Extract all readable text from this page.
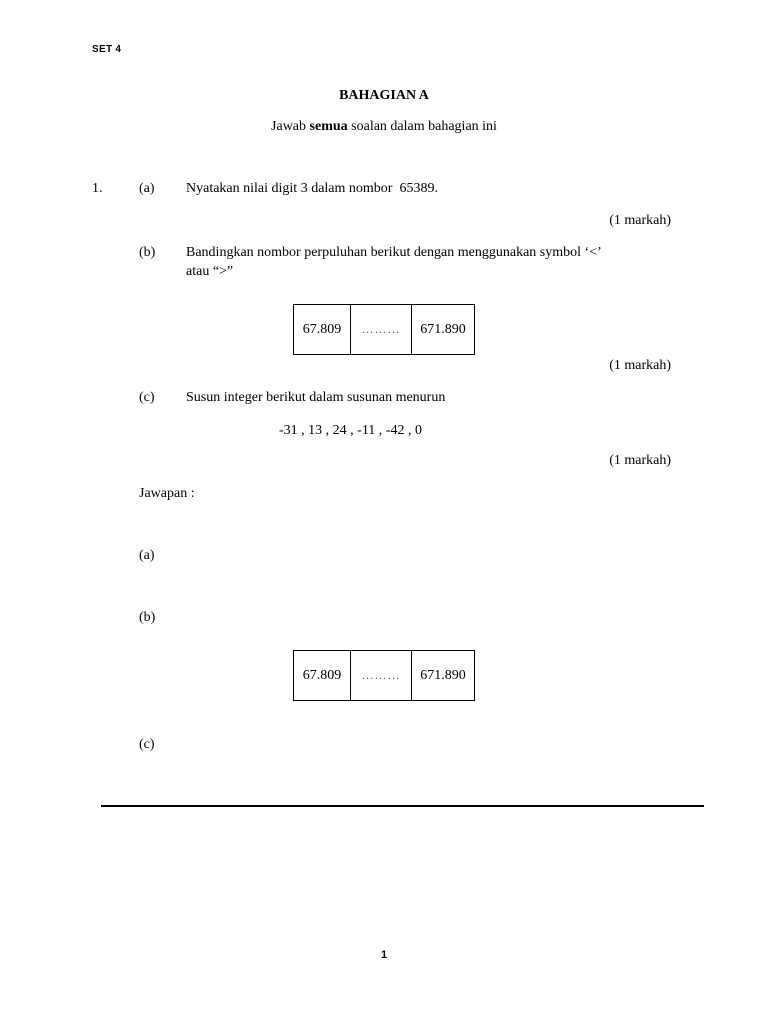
SET 4
BAHAGIAN A
Jawab semua soalan dalam bahagian ini
1.	(a) Nyatakan nilai digit 3 dalam nombor  65389.
(1 markah)
(b) Bandingkan nombor perpuluhan berikut dengan menggunakan symbol ‘<’
atau “>”
67.809	………	671.890
(1 markah)
(c) Susun integer berikut dalam susunan menurun
-31 , 13 , 24 , -11 , -42 , 0
(1 markah)
Jawapan :
(a)
(b)
67.809	………	671.890
(c)
1
